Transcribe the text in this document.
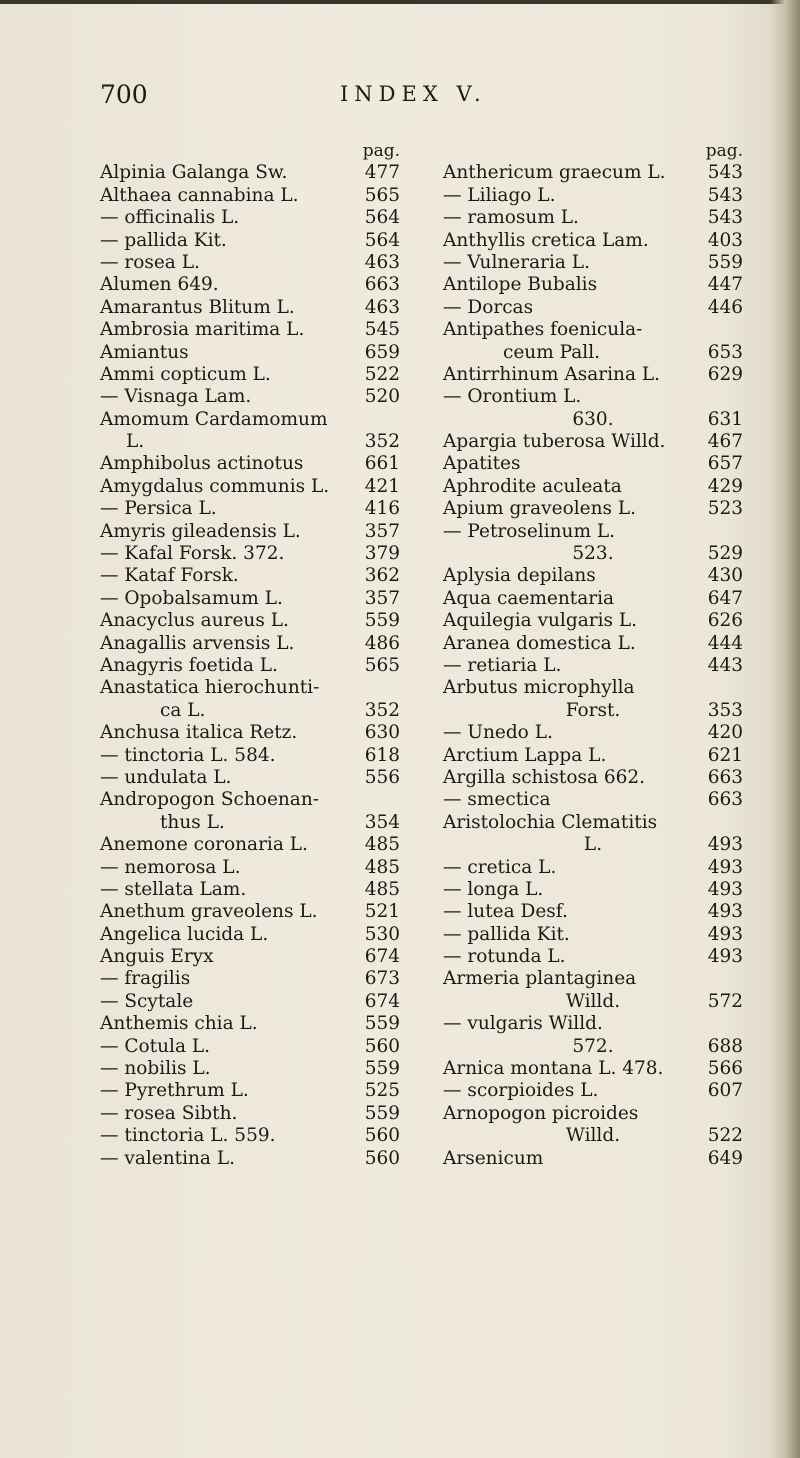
700	INDEX V.
pag.
Alpinia Galanga Sw.	477
Althaea cannabina L.	565
— officinalis L.	564
— pallida Kit.	564
— rosea L.	463
Alumen 649.	663
Amarantus Blitum L.	463
Ambrosia maritima L.	545
Amiantus	659
Ammi copticum L.	522
— Visnaga Lam.	520
Amomum Cardamomum
L.	352
Amphibolus actinotus	661
Amygdalus communis L. 421
— Persica L.	416
Amyris gileadensis L.	357
— Kafal Forsk. 372.	379
— Kataf Forsk.	362
— Opobalsamum L.	357
Anacyclus aureus L.	559
Anagallis arvensis L.	486
Anagyris foetida L.	565
Anastatica hierochunti-
ca L.	352
Anchusa italica Retz.	630
— tinctoria L. 584.	618
— undulata L.	556
Andropogon Schoenan-
thus L.	354
Anemone coronaria L.	485
— nemorosa L.	485
— stellata Lam.	485
Anethum graveolens L.	521
Angelica lucida L.	530
Anguis Eryx	674
— fragilis	673
— Scytale	674
Anthemis chia L.	559
— Cotula L.	560
— nobilis L.	559
— Pyrethrum L.	525
— rosea Sibth.	559
— tinctoria L. 559.	560
— valentina L.	560
pag.
Anthericum graecum L. 543
— Liliago L.	543
— ramosum L.	543
Anthyllis cretica Lam.	403
— Vulneraria L.	559
Antilope Bubalis	447
— Dorcas	446
Antipathes foenicula-
ceum Pall.	653
Antirrhinum Asarina L.	629
— Orontium L.
630.	631
Apargia tuberosa Willd. 467
Apatites	657
Aphrodite aculeata	429
Apium graveolens L.	523
— Petroselinum L.
523.	529
Aplysia depilans	430
Aqua caementaria	647
Aquilegia vulgaris L.	626
Aranea domestica L.	444
— retiaria L.	443
Arbutus microphylla
Forst.	353
— Unedo L.	420
Arctium Lappa L.	621
Argilla schistosa 662.	663
— smectica	663
Aristolochia Clematitis
L.	493
— cretica L.	493
— longa L.	493
— lutea Desf.	493
— pallida Kit.	493
— rotunda L.	493
Armeria plantaginea
Willd.	572
— vulgaris Willd.
572.	688
Arnica montana L. 478. 566
— scorpioides L.	607
Arnopogon picroides
Willd.	522
Arsenicum	649
